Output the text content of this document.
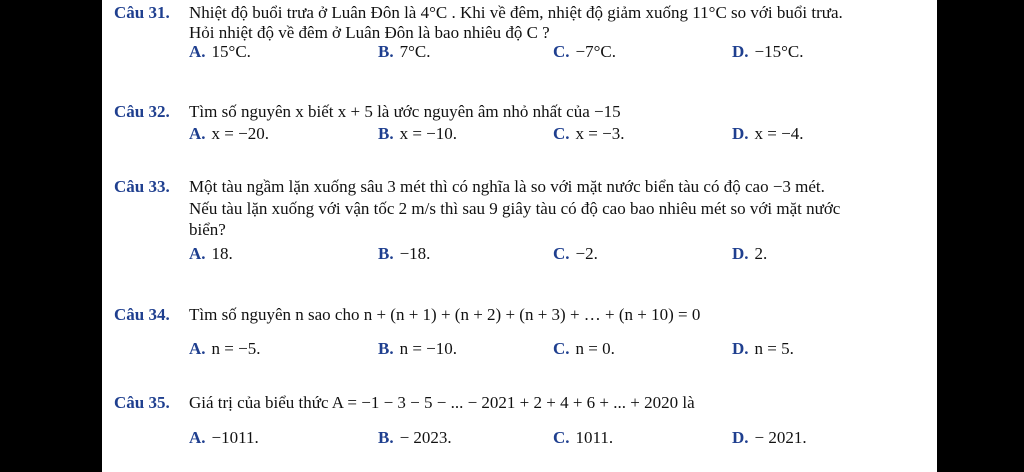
Câu 31. Nhiệt độ buổi trưa ở Luân Đôn là 4°C . Khi về đêm, nhiệt độ giảm xuống 11°C so với buổi trưa.
Hỏi nhiệt độ về đêm ở Luân Đôn là bao nhiêu độ C ?
A. 15°C.	B. 7°C.	C. −7°C.	D. −15°C.
Câu 32. Tìm số nguyên x biết x + 5 là ước nguyên âm nhỏ nhất của −15
A. x = −20.	B. x = −10.	C. x = −3.	D. x = −4.
Câu 33. Một tàu ngầm lặn xuống sâu 3 mét thì có nghĩa là so với mặt nước biển tàu có độ cao −3 mét.
Nếu tàu lặn xuống với vận tốc 2 m/s thì sau 9 giây tàu có độ cao bao nhiêu mét so với mặt nước
biển?
A. 18.	B. −18.	C. −2.	D. 2.
Câu 34. Tìm số nguyên n sao cho n + (n + 1) + (n + 2) + (n + 3) + … + (n + 10) = 0
A. n = −5.	B. n = −10.	C. n = 0.	D. n = 5.
Câu 35. Giá trị của biểu thức A = −1 − 3 − 5 − ... − 2021 + 2 + 4 + 6 + ... + 2020 là
A. −1011.	B. − 2023.	C. 1011.	D. − 2021.
